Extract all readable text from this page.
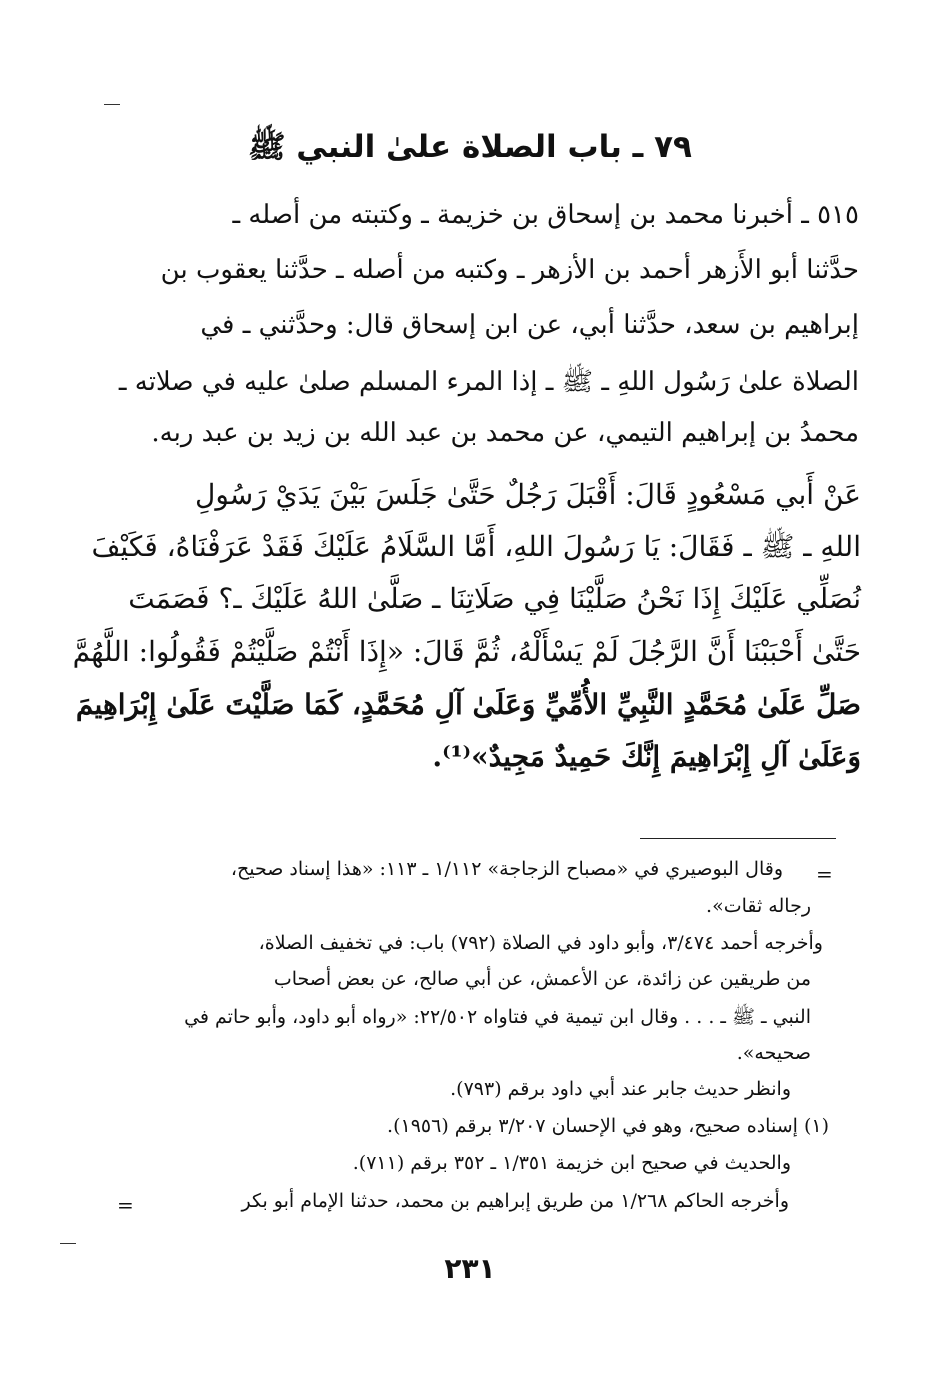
٧٩ ـ باب الصلاة علىٰ النبي ﷺ
٥١٥ ـ أخبرنا محمد بن إسحاق بن خزيمة ـ وكتبته من أصله ـ
حدَّثنا أبو الأَزهر أحمد بن الأزهر ـ وكتبه من أصله ـ حدَّثنا يعقوب بن
إبراهيم بن سعد، حدَّثنا أبي، عن ابن إسحاق قال: وحدَّثني ـ في
الصلاة علىٰ رَسُول اللهِ ـ ﷺ ـ إذا المرء المسلم صلىٰ عليه في صلاته ـ
محمدُ بن إبراهيم التيمي، عن محمد بن عبد الله بن زيد بن عبد ربه.
عَنْ أَبي مَسْعُودٍ قَالَ: أَقْبَلَ رَجُلٌ حَتَّىٰ جَلَسَ بَيْنَ يَدَيْ رَسُولِ
اللهِ ـ ﷺ ـ فَقَالَ: يَا رَسُولَ اللهِ، أَمَّا السَّلَامُ عَلَيْكَ فَقَدْ عَرَفْنَاهُ، فَكَيْفَ
نُصَلِّي عَلَيْكَ إِذَا نَحْنُ صَلَّيْنَا فِي صَلَاتِنَا ـ صَلَّىٰ اللهُ عَلَيْكَ ـ؟ فَصَمَتَ
حَتَّىٰ أَحْبَبْنَا أَنَّ الرَّجُلَ لَمْ يَسْأَلْهُ، ثُمَّ قَالَ: «إِذَا أَنْتُمْ صَلَّيْتُمْ فَقُولُوا: اللَّهُمَّ
صَلِّ عَلَىٰ مُحَمَّدٍ النَّبِيِّ الأُمِّيِّ وَعَلَىٰ آلِ مُحَمَّدٍ، كَمَا صَلَّيْتَ عَلَىٰ إِبْرَاهِيمَ
وَعَلَىٰ آلِ إِبْرَاهِيمَ إِنَّكَ حَمِيدٌ مَجِيدٌ»⁽¹⁾.
=
وقال البوصيري في «مصباح الزجاجة» ١/١١٢ ـ ١١٣: «هذا إسناد صحيح،
رجاله ثقات».
وأخرجه أحمد ٣/٤٧٤، وأبو داود في الصلاة (٧٩٢) باب: في تخفيف الصلاة،
من طريقين عن زائدة، عن الأعمش، عن أبي صالح، عن بعض أصحاب
النبي ـ ﷺ ـ . . . وقال ابن تيمية في فتاواه ٢٢/٥٠٢: «رواه أبو داود، وأبو حاتم في
صحيحه».
وانظر حديث جابر عند أبي داود برقم (٧٩٣).
(١) إسناده صحيح، وهو في الإحسان ٣/٢٠٧ برقم (١٩٥٦).
والحديث في صحيح ابن خزيمة ١/٣٥١ ـ ٣٥٢ برقم (٧١١).
وأخرجه الحاكم ١/٢٦٨ من طريق إبراهيم بن محمد، حدثنا الإمام أبو بكر
=
٢٣١
